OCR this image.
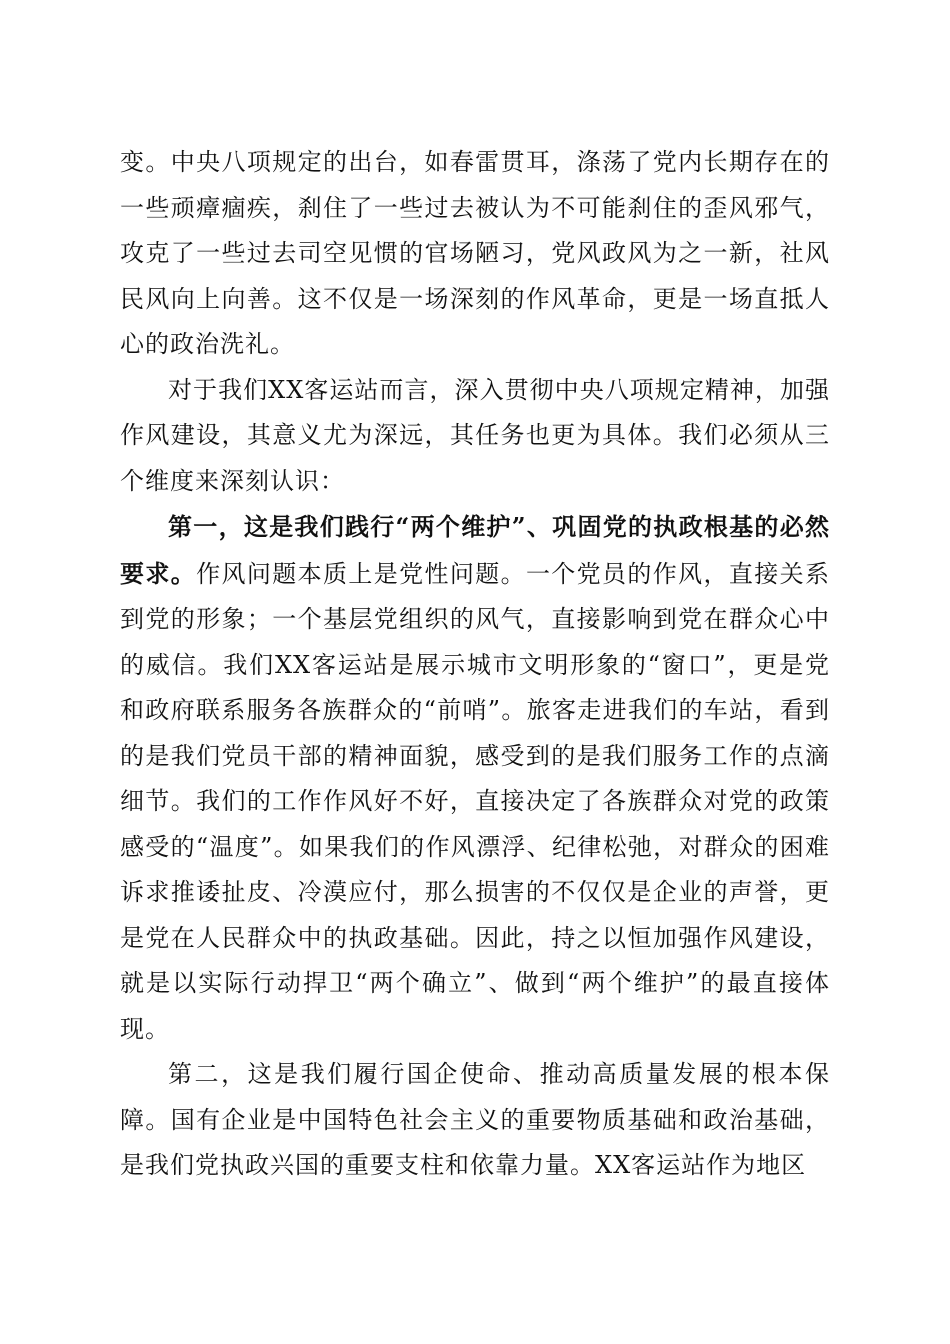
变。中央八项规定的出台，如春雷贯耳，涤荡了党内长期存在的一些顽瘴痼疾，刹住了一些过去被认为不可能刹住的歪风邪气，攻克了一些过去司空见惯的官场陋习，党风政风为之一新，社风民风向上向善。这不仅是一场深刻的作风革命，更是一场直抵人心的政治洗礼。

对于我们XX客运站而言，深入贯彻中央八项规定精神，加强作风建设，其意义尤为深远，其任务也更为具体。我们必须从三个维度来深刻认识：

第一，这是我们践行“两个维护”、巩固党的执政根基的必然要求。作风问题本质上是党性问题。一个党员的作风，直接关系到党的形象；一个基层党组织的风气，直接影响到党在群众心中的威信。我们XX客运站是展示城市文明形象的“窗口”，更是党和政府联系服务各族群众的“前哨”。旅客走进我们的车站，看到的是我们党员干部的精神面貌，感受到的是我们服务工作的点滴细节。我们的工作作风好不好，直接决定了各族群众对党的政策感受的“温度”。如果我们的作风漂浮、纪律松弛，对群众的困难诉求推诿扯皮、冷漠应付，那么损害的不仅仅是企业的声誉，更是党在人民群众中的执政基础。因此，持之以恒加强作风建设，就是以实际行动捍卫“两个确立”、做到“两个维护”的最直接体现。

第二，这是我们履行国企使命、推动高质量发展的根本保障。国有企业是中国特色社会主义的重要物质基础和政治基础，是我们党执政兴国的重要支柱和依靠力量。XX客运站作为地区
